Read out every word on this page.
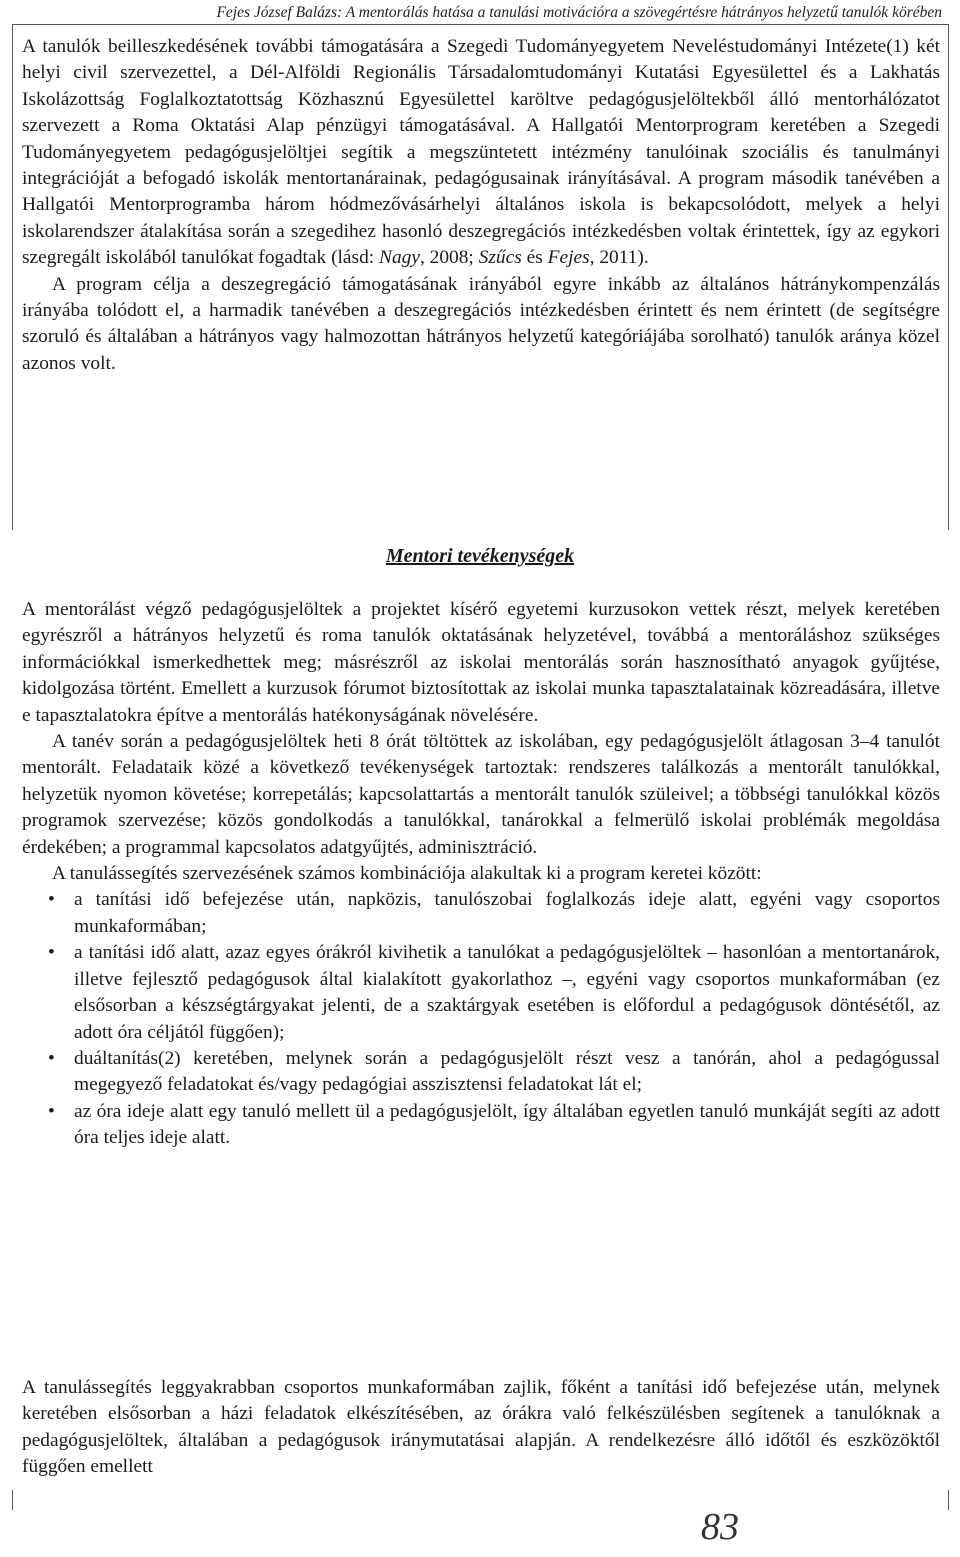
Fejes József Balázs: A mentorálás hatása a tanulási motivációra a szövegértésre hátrányos helyzetű tanulók körében

A tanulók beilleszkedésének további támogatására a Szegedi Tudományegyetem Neveléstudományi Intézete(1) két helyi civil szervezettel, a Dél-Alföldi Regionális Társadalomtudományi Kutatási Egyesülettel és a Lakhatás Iskolázottság Foglalkoztatottság Közhasznú Egyesülettel karöltve pedagógusjelöltekből álló mentorhálózatot szervezett a Roma Oktatási Alap pénzügyi támogatásával. A Hallgatói Mentorprogram keretében a Szegedi Tudományegyetem pedagógusjelöltjei segítik a megszüntetett intézmény tanulóinak szociális és tanulmányi integrációját a befogadó iskolák mentortanárainak, pedagógusainak irányításával. A program második tanévében a Hallgatói Mentorprogramba három hódmezővásárhelyi általános iskola is bekapcsolódott, melyek a helyi iskolarendszer átalakítása során a szegedihez hasonló deszegregációs intézkedésben voltak érintettek, így az egykori szegregált iskolából tanulókat fogadtak (lásd: Nagy, 2008; Szűcs és Fejes, 2011).

A program célja a deszegregáció támogatásának irányából egyre inkább az általános hátránykompenzálás irányába tolódott el, a harmadik tanévében a deszegregációs intézkedésben érintett és nem érintett (de segítségre szoruló és általában a hátrányos vagy halmozottan hátrányos helyzetű kategóriájába sorolható) tanulók aránya közel azonos volt.

Mentori tevékenységek

A mentorálást végző pedagógusjelöltek a projektet kísérő egyetemi kurzusokon vettek részt, melyek keretében egyrészről a hátrányos helyzetű és roma tanulók oktatásának helyzetével, továbbá a mentoráláshoz szükséges információkkal ismerkedhettek meg; másrészről az iskolai mentorálás során hasznosítható anyagok gyűjtése, kidolgozása történt. Emellett a kurzusok fórumot biztosítottak az iskolai munka tapasztalatainak közreadására, illetve e tapasztalatokra építve a mentorálás hatékonyságának növelésére.

A tanév során a pedagógusjelöltek heti 8 órát töltöttek az iskolában, egy pedagógusjelölt átlagosan 3–4 tanulót mentorált. Feladataik közé a következő tevékenységek tartoztak: rendszeres találkozás a mentorált tanulókkal, helyzetük nyomon követése; korrepetálás; kapcsolattartás a mentorált tanulók szüleivel; a többségi tanulókkal közös programok szervezése; közös gondolkodás a tanulókkal, tanárokkal a felmerülő iskolai problémák megoldása érdekében; a programmal kapcsolatos adatgyűjtés, adminisztráció.

A tanulássegítés szervezésének számos kombinációja alakultak ki a program keretei között:

• a tanítási idő befejezése után, napközis, tanulószobai foglalkozás ideje alatt, egyéni vagy csoportos munkaformában;
• a tanítási idő alatt, azaz egyes órákról kivihetik a tanulókat a pedagógusjelöltek – hasonlóan a mentortanárok, illetve fejlesztő pedagógusok által kialakított gyakorlathoz –, egyéni vagy csoportos munkaformában (ez elsősorban a készségtárgyakat jelenti, de a szaktárgyak esetében is előfordul a pedagógusok döntésétől, az adott óra céljától függően);
• duáltanítás(2) keretében, melynek során a pedagógusjelölt részt vesz a tanórán, ahol a pedagógussal megegyező feladatokat és/vagy pedagógiai asszisztensi feladatokat lát el;
• az óra ideje alatt egy tanuló mellett ül a pedagógusjelölt, így általában egyetlen tanuló munkáját segíti az adott óra teljes ideje alatt.

A tanulássegítés leggyakrabban csoportos munkaformában zajlik, főként a tanítási idő befejezése után, melynek keretében elsősorban a házi feladatok elkészítésében, az órákra való felkészülésben segítenek a tanulóknak a pedagógusjelöltek, általában a pedagógusok iránymutatásai alapján. A rendelkezésre álló időtől és eszközöktől függően emellett

83
